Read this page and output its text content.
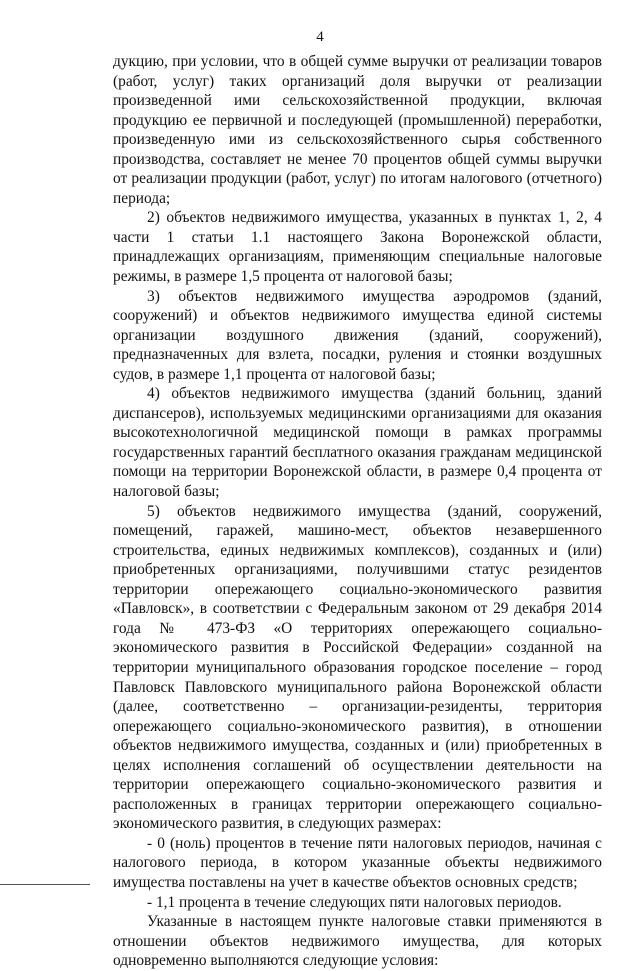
4

дукцию, при условии, что в общей сумме выручки от реализации товаров (работ, услуг) таких организаций доля выручки от реализации произведенной ими сельскохозяйственной продукции, включая продукцию ее первичной и последующей (промышленной) переработки, произведенную ими из сельскохозяйственного сырья собственного производства, составляет не менее 70 процентов общей суммы выручки от реализации продукции (работ, услуг) по итогам налогового (отчетного) периода;

2) объектов недвижимого имущества, указанных в пунктах 1, 2, 4 части 1 статьи 1.1 настоящего Закона Воронежской области, принадлежащих организациям, применяющим специальные налоговые режимы, в размере 1,5 процента от налоговой базы;

3) объектов недвижимого имущества аэродромов (зданий, сооружений) и объектов недвижимого имущества единой системы организации воздушного движения (зданий, сооружений), предназначенных для взлета, посадки, руления и стоянки воздушных судов, в размере 1,1 процента от налоговой базы;

4) объектов недвижимого имущества (зданий больниц, зданий диспансеров), используемых медицинскими организациями для оказания высокотехнологичной медицинской помощи в рамках программы государственных гарантий бесплатного оказания гражданам медицинской помощи на территории Воронежской области, в размере 0,4 процента от налоговой базы;

5) объектов недвижимого имущества (зданий, сооружений, помещений, гаражей, машино-мест, объектов незавершенного строительства, единых недвижимых комплексов), созданных и (или) приобретенных организациями, получившими статус резидентов территории опережающего социально-экономического развития «Павловск», в соответствии с Федеральным законом от 29 декабря 2014 года № 473-ФЗ «О территориях опережающего социально-экономического развития в Российской Федерации» созданной на территории муниципального образования городское поселение – город Павловск Павловского муниципального района Воронежской области (далее, соответственно – организации-резиденты, территория опережающего социально-экономического развития), в отношении объектов недвижимого имущества, созданных и (или) приобретенных в целях исполнения соглашений об осуществлении деятельности на территории опережающего социально-экономического развития и расположенных в границах территории опережающего социально-экономического развития, в следующих размерах:

- 0 (ноль) процентов в течение пяти налоговых периодов, начиная с налогового периода, в котором указанные объекты недвижимого имущества поставлены на учет в качестве объектов основных средств;

- 1,1 процента в течение следующих пяти налоговых периодов.

Указанные в настоящем пункте налоговые ставки применяются в отношении объектов недвижимого имущества, для которых одновременно выполняются следующие условия:
